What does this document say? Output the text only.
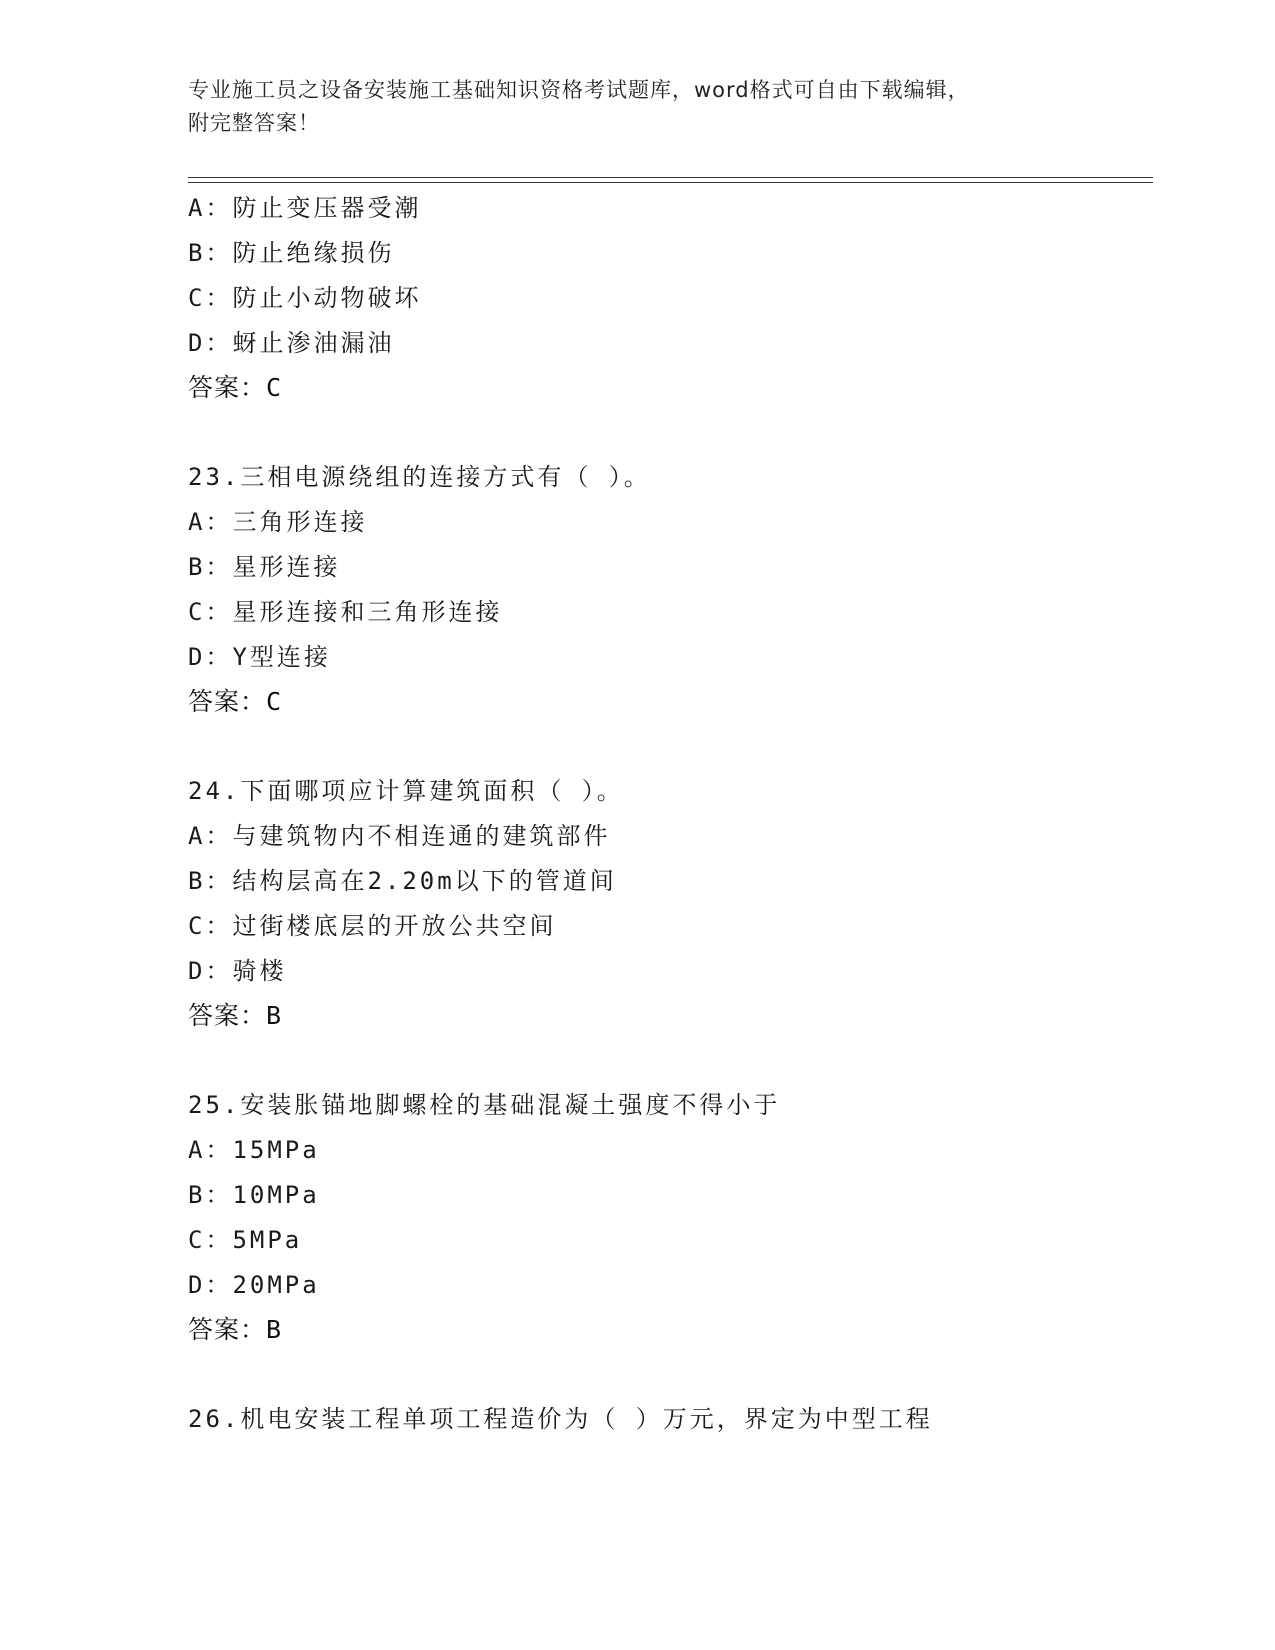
专业施工员之设备安装施工基础知识资格考试题库，word格式可自由下载编辑，
附完整答案！
A：防止变压器受潮
B：防止绝缘损伤
C：防止小动物破坏
D：蚜止渗油漏油
答案：C
23.三相电源绕组的连接方式有（ ）。
A：三角形连接
B：星形连接
C：星形连接和三角形连接
D：Y型连接
答案：C
24.下面哪项应计算建筑面积（ ）。
A：与建筑物内不相连通的建筑部件
B：结构层高在2.20m以下的管道间
C：过街楼底层的开放公共空间
D：骑楼
答案：B
25.安装胀锚地脚螺栓的基础混凝土强度不得小于
A：15MPa
B：10MPa
C：5MPa
D：20MPa
答案：B
26.机电安装工程单项工程造价为（ ）万元，界定为中型工程
